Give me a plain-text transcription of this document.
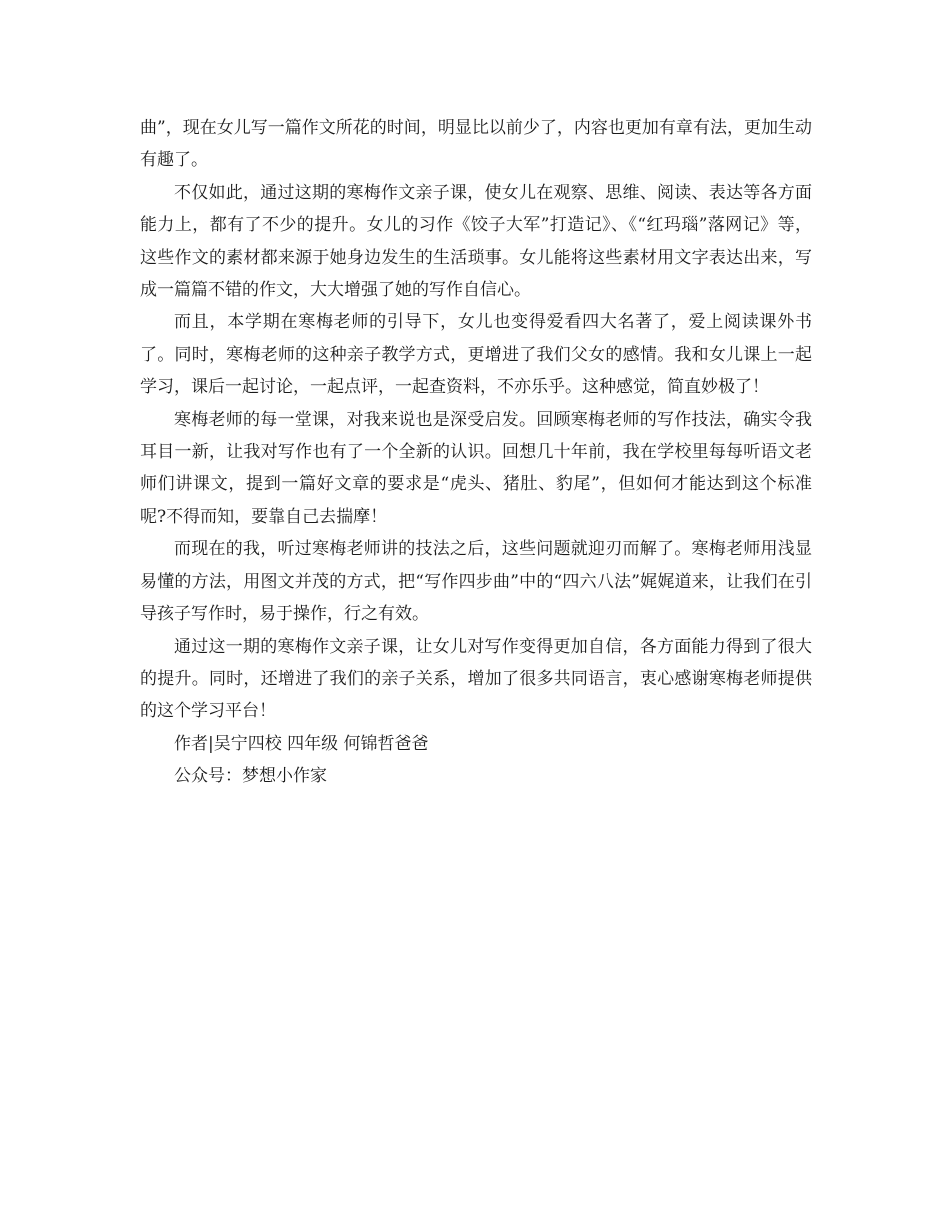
曲”，现在女儿写一篇作文所花的时间，明显比以前少了，内容也更加有章有法，更加生动有趣了。

不仅如此，通过这期的寒梅作文亲子课，使女儿在观察、思维、阅读、表达等各方面能力上，都有了不少的提升。女儿的习作《饺子大军”打造记》、《“红玛瑙”落网记》等，这些作文的素材都来源于她身边发生的生活琐事。女儿能将这些素材用文字表达出来，写成一篇篇不错的作文，大大增强了她的写作自信心。

而且，本学期在寒梅老师的引导下，女儿也变得爱看四大名著了，爱上阅读课外书了。同时，寒梅老师的这种亲子教学方式，更增进了我们父女的感情。我和女儿课上一起学习，课后一起讨论，一起点评，一起查资料，不亦乐乎。这种感觉，简直妙极了！

寒梅老师的每一堂课，对我来说也是深受启发。回顾寒梅老师的写作技法，确实令我耳目一新，让我对写作也有了一个全新的认识。回想几十年前，我在学校里每每听语文老师们讲课文，提到一篇好文章的要求是“虎头、猪肚、豹尾”，但如何才能达到这个标准呢?不得而知，要靠自己去揣摩！

而现在的我，听过寒梅老师讲的技法之后，这些问题就迎刃而解了。寒梅老师用浅显易懂的方法，用图文并茂的方式，把“写作四步曲”中的“四六八法”娓娓道来，让我们在引导孩子写作时，易于操作，行之有效。

通过这一期的寒梅作文亲子课，让女儿对写作变得更加自信，各方面能力得到了很大的提升。同时，还增进了我们的亲子关系，增加了很多共同语言，衷心感谢寒梅老师提供的这个学习平台！

作者|吴宁四校 四年级 何锦哲爸爸

公众号：梦想小作家
